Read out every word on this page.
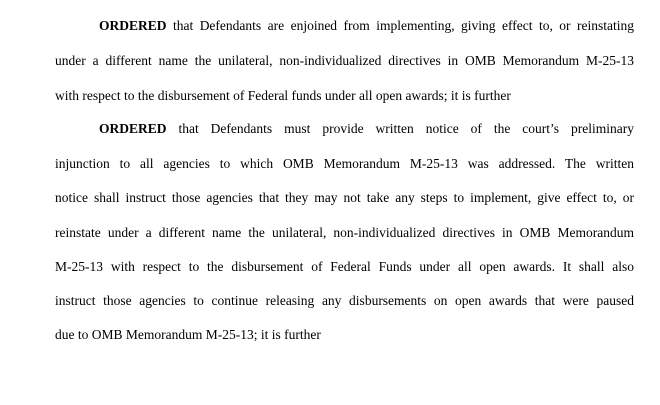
ORDERED that Defendants are enjoined from implementing, giving effect to, or reinstating
under a different name the unilateral, non-individualized directives in OMB Memorandum M-25-13
with respect to the disbursement of Federal funds under all open awards; it is further
ORDERED that Defendants must provide written notice of the court’s preliminary
injunction to all agencies to which OMB Memorandum M-25-13 was addressed. The written
notice shall instruct those agencies that they may not take any steps to implement, give effect to, or
reinstate under a different name the unilateral, non-individualized directives in OMB Memorandum
M-25-13 with respect to the disbursement of Federal Funds under all open awards. It shall also
instruct those agencies to continue releasing any disbursements on open awards that were paused
due to OMB Memorandum M-25-13; it is further
